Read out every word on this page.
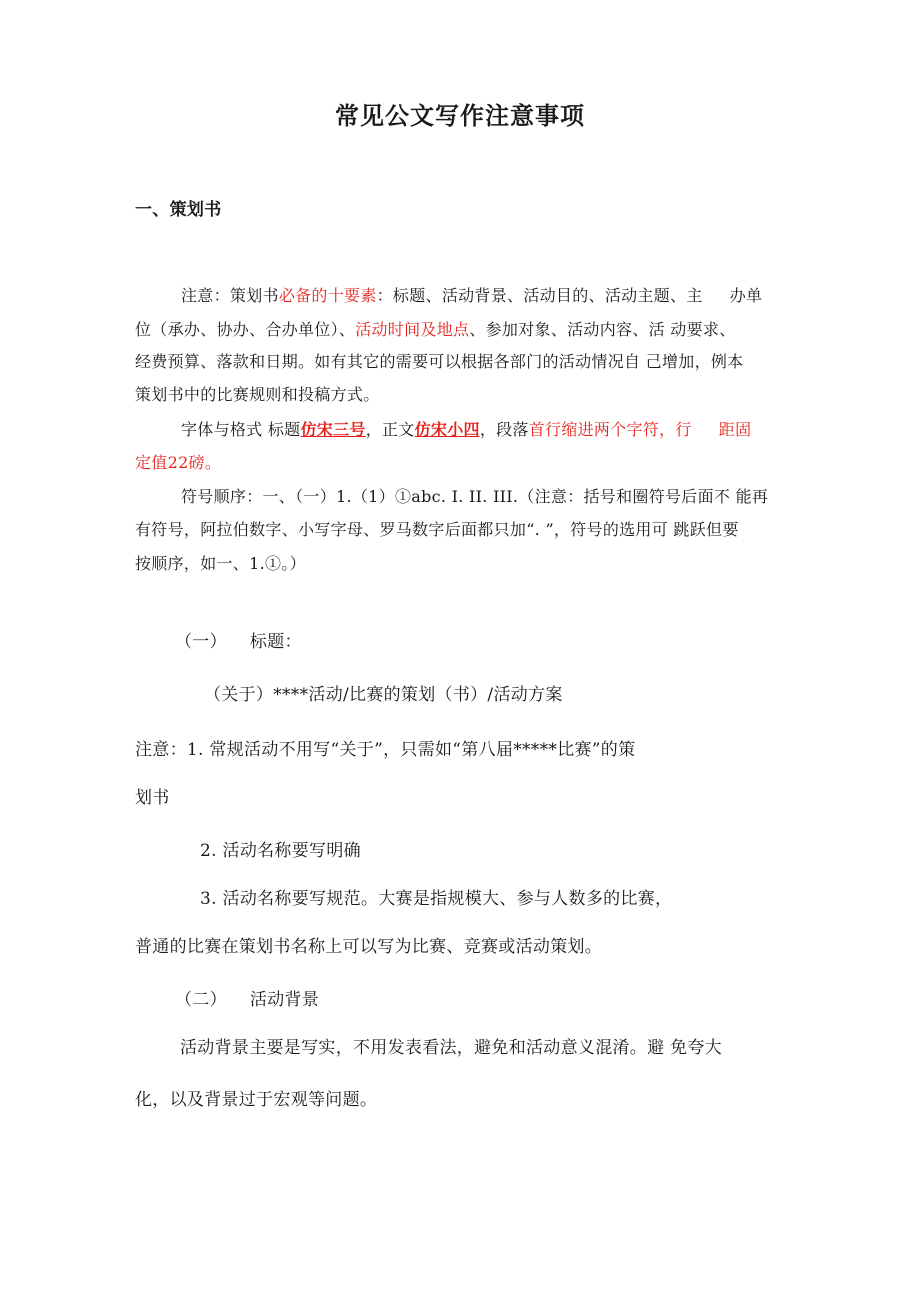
常见公文写作注意事项
一、策划书
注意：策划书必备的十要素：标题、活动背景、活动目的、活动主题、主 　 办单
位（承办、协办、合办单位）、活动时间及地点、参加对象、活动内容、活 动要求、
经费预算、落款和日期。如有其它的需要可以根据各部门的活动情况自 己增加，例本
策划书中的比赛规则和投稿方式。
字体与格式 标题仿宋三号，正文仿宋小四，段落首行缩进两个字符，行 　 距固
定值22磅。
符号顺序：一、（一）1.（1）①abc. I. II. III.（注意：括号和圈符号后面不 能再
有符号，阿拉伯数字、小写字母、罗马数字后面都只加“. ”，符号的选用可 跳跃但要
按顺序，如一、1.①。）
（一） 　标题：
（关于）****活动/比赛的策划（书）/活动方案
注意：1. 常规活动不用写“关于”，只需如“第八届*****比赛”的策
划书
2. 活动名称要写明确
3. 活动名称要写规范。大赛是指规模大、参与人数多的比赛，
普通的比赛在策划书名称上可以写为比赛、竞赛或活动策划。
（二） 　活动背景
活动背景主要是写实，不用发表看法，避免和活动意义混淆。避 免夸大
化，以及背景过于宏观等问题。
